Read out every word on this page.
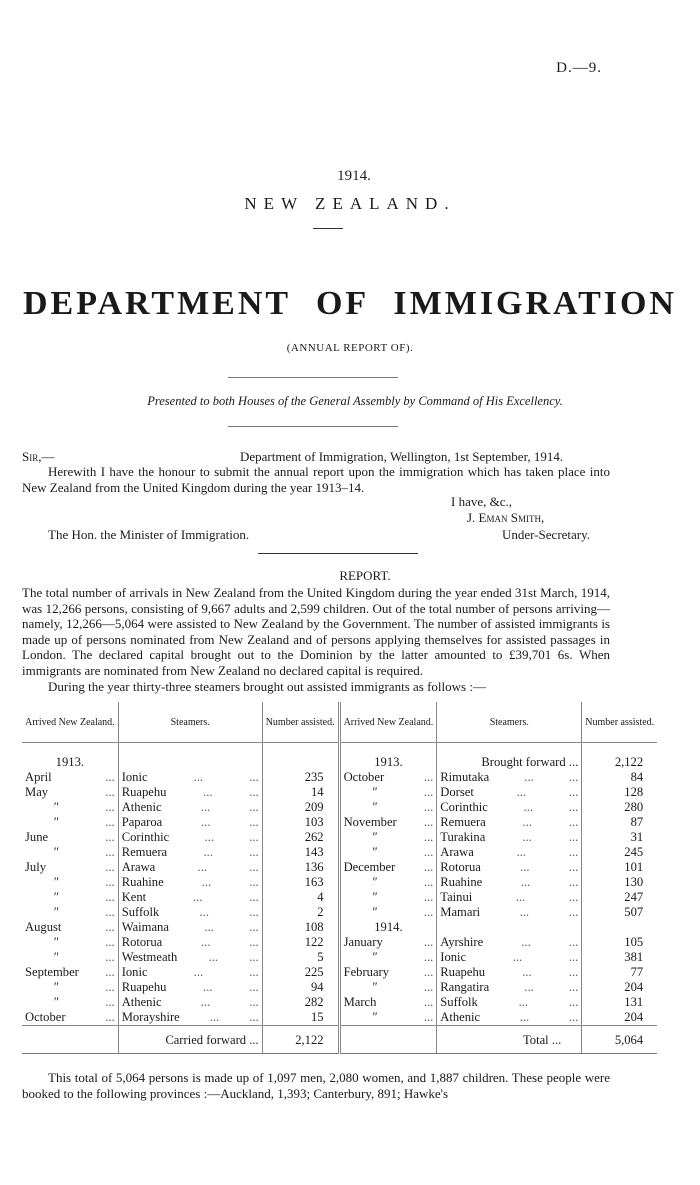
D.—9.
1914.
NEW ZEALAND.
DEPARTMENT OF IMMIGRATION
(ANNUAL REPORT OF).
Presented to both Houses of the General Assembly by Command of His Excellency.
Sir,—	Department of Immigration, Wellington, 1st September, 1914.
Herewith I have the honour to submit the annual report upon the immigration which has taken place into New Zealand from the United Kingdom during the year 1913–14.
I have, &c.,
J. Eman Smith,
The Hon. the Minister of Immigration.	Under-Secretary.
REPORT.

The total number of arrivals in New Zealand from the United Kingdom during the year ended 31st March, 1914, was 12,266 persons, consisting of 9,667 adults and 2,599 children. Out of the total number of persons arriving—namely, 12,266—5,064 were assisted to New Zealand by the Government. The number of assisted immigrants is made up of persons nominated from New Zealand and of persons applying themselves for assisted passages in London. The declared capital brought out to the Dominion by the latter amounted to £39,701 6s. When immigrants are nominated from New Zealand no declared capital is required.

During the year thirty-three steamers brought out assisted immigrants as follows :—

Arrived New Zealand.	Steamers.	Number assisted.	Arrived New Zealand.	Steamers.	Number assisted.
1913.			1913.	Brought forward ...	2,122

April ...	Ionic ... ...	235	October ...	Rimutaka ... ...	84

May ...	Ruapehu ... ...	14	″ ...	Dorset ... ...	128

″ ...	Athenic ... ...	209	″ ...	Corinthic ... ...	280

″ ...	Paparoa ... ...	103	November ...	Remuera ... ...	87

June ...	Corinthic ... ...	262	″ ...	Turakina ... ...	31

″ ...	Remuera ... ...	143	″ ...	Arawa ... ...	245

July ...	Arawa ... ...	136	December ...	Rotorua ... ...	101

″ ...	Ruahine ... ...	163	″ ...	Ruahine ... ...	130

″ ...	Kent ... ...	4	″ ...	Tainui ... ...	247

″ ...	Suffolk ... ...	2	″ ...	Mamari ... ...	507

August ...	Waimana ... ...	108	1914.		

″ ...	Rotorua ... ...	122	January ...	Ayrshire ... ...	105

″ ...	Westmeath ... ...	5	″ ...	Ionic ... ...	381

September ...	Ionic ... ...	225	February ...	Ruapehu ... ...	77

″ ...	Ruapehu ... ...	94	″ ...	Rangatira ... ...	204

″ ...	Athenic ... ...	282	March ...	Suffolk ... ...	131

October ...	Morayshire ... ...	15	″ ...	Athenic ... ...	204
	Carried forward ...	2,122		Total ...	5,064
This total of 5,064 persons is made up of 1,097 men, 2,080 women, and 1,887 children. These people were booked to the following provinces :—Auckland, 1,393; Canterbury, 891; Hawke's
